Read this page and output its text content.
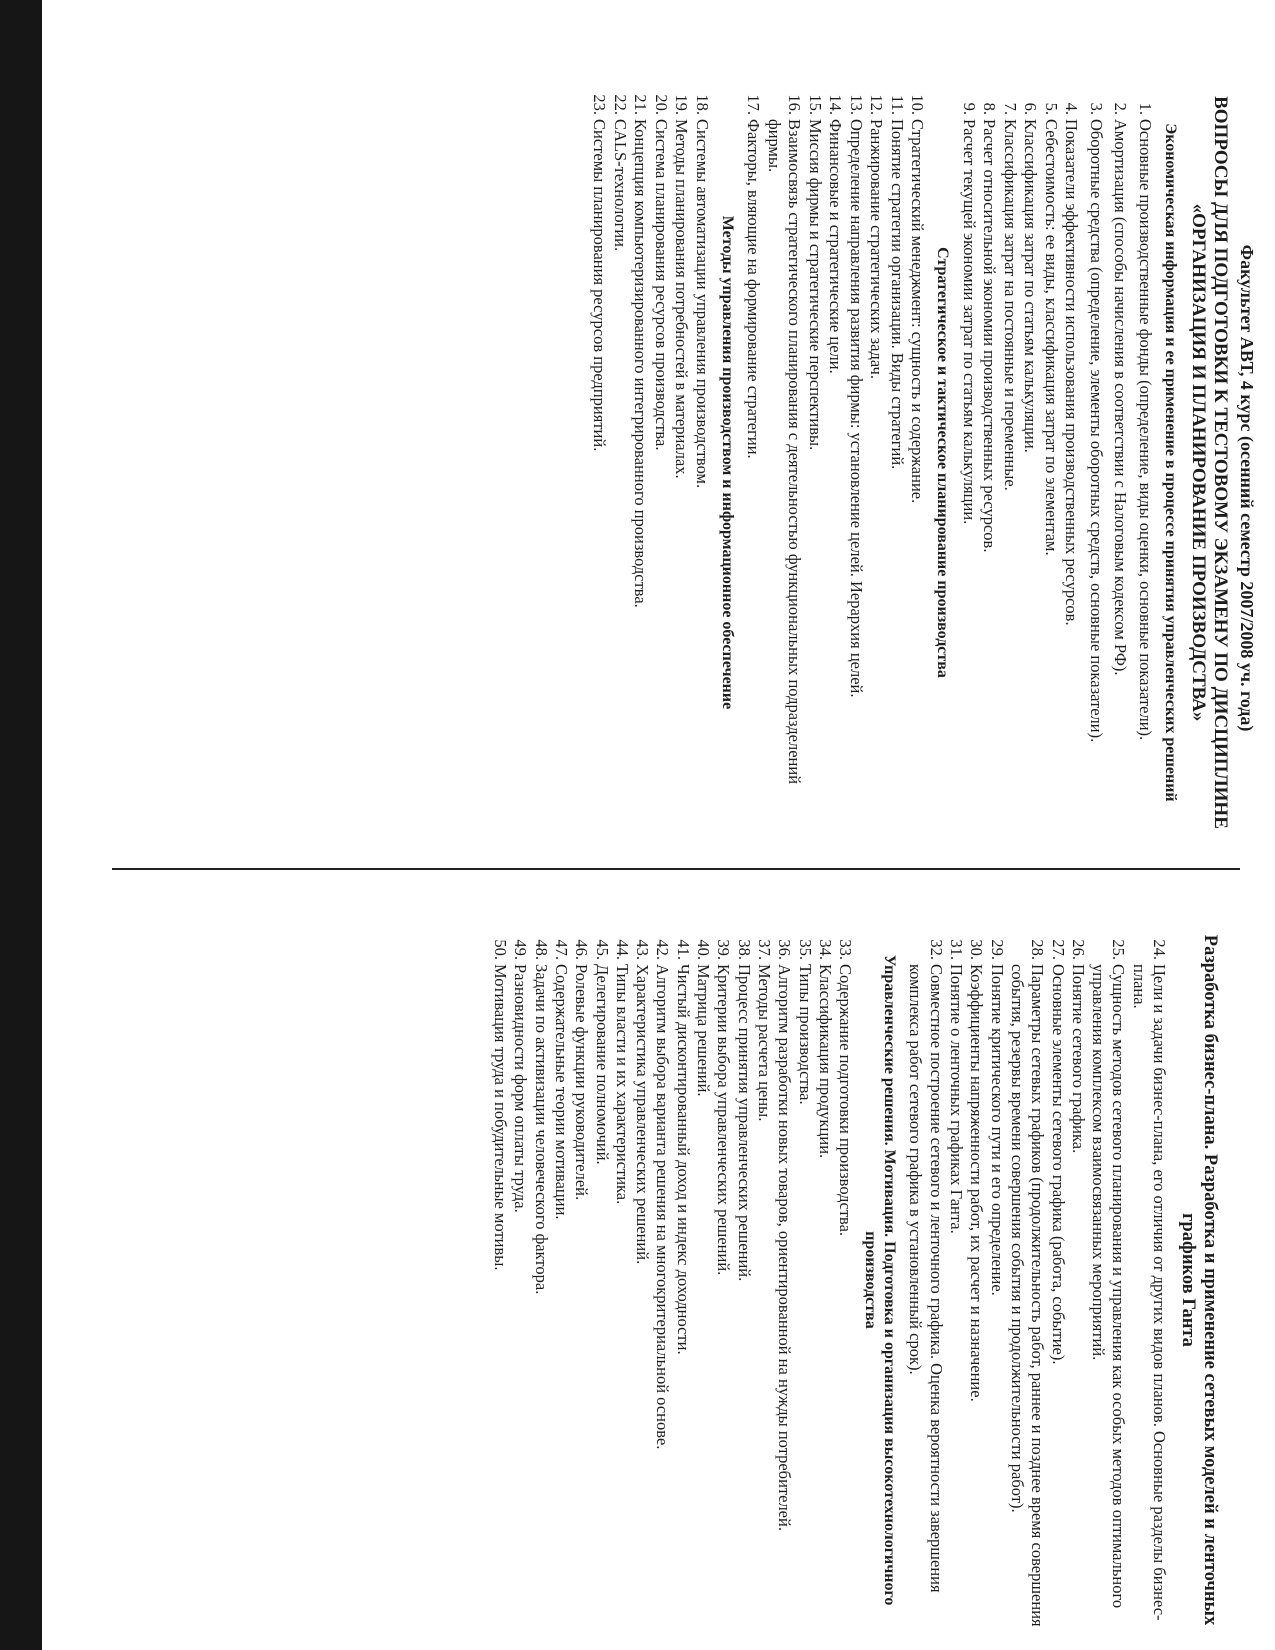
Факультет АВТ, 4 курс (осенний семестр 2007/2008 уч. года)
ВОПРОСЫ ДЛЯ ПОДГОТОВКИ К ТЕСТОВОМУ ЭКЗАМЕНУ ПО ДИСЦИПЛИНЕ «ОРГАНИЗАЦИЯ И ПЛАНИРОВАНИЕ ПРОИЗВОДСТВА»
Экономическая информация и ее применение в процессе принятия управленческих решений
1.
Основные производственные фонды (определение, виды оценки, основные показатели).
2.
Амортизация (способы начисления в соответствии с Налоговым кодексом РФ).
3.
Оборотные средства (определение, элементы оборотных средств, основные показатели).
4.
Показатели эффективности использования производственных ресурсов.
5.
Себестоимость: ее виды, классификация затрат по элементам.
6.
Классификация затрат по статьям калькуляции.
7.
Классификация затрат на постоянные и переменные.
8.
Расчет относительной экономии производственных ресурсов.
9.
Расчет текущей экономии затрат по статьям калькуляции.
Стратегическое и тактическое планирование производства
10.
Стратегический менеджмент: сущность и содержание.
11.
Понятие стратегии организации. Виды стратегий.
12.
Ранжирование стратегических задач.
13.
Определение направления развития фирмы: установление целей. Иерархия целей.
14.
Финансовые и стратегические цели.
15.
Миссия фирмы и стратегические перспективы.
16.
Взаимосвязь стратегического планирования с деятельностью функциональных подразделений фирмы.
17.
Факторы, вляющие на формирование стратегии.
Методы управления производством и информационное обеспечение
18.
Системы автоматизации управления производством.
19.
Методы планирования потребностей в материалах.
20.
Система планирования ресурсов производства.
21.
Концепция компьютеризированного интегрированного производства.
22.
CALS-технологии.
23.
Системы планирования ресурсов предприятий.
Разработка бизнес-плана. Разработка и применение сетевых моделей и ленточных графиков Ганта
24.
Цели и задачи бизнес-плана, его отличия от других видов планов. Основные разделы бизнес-плана.
25.
Сущность методов сетевого планирования и управления как особых методов оптимального управления комплексом взаимосвязанных мероприятий.
26.
Понятие сетевого графика.
27.
Основные элементы сетевого графика (работа, событие).
28.
Параметры сетевых графиков (продолжительность работ, раннее и позднее время совершения события, резервы времени совершения события и продолжительности работ).
29.
Понятие критического пути и его определение.
30.
Коэффициенты напряженности работ, их расчет и назначение.
31.
Понятие о ленточных графиках Ганта.
32.
Совместное построение сетевого и ленточного графика. Оценка вероятности завершения комплекса работ сетевого графика в установленный срок).
Управленческие решения. Мотивация. Подготовка и организация высокотехнологичного производства
33.
Содержание подготовки производства.
34.
Классификация продукции.
35.
Типы производства.
36.
Алгоритм разработки новых товаров, ориентированной на нужды потребителей.
37.
Методы расчета цены.
38.
Процесс принятия управленческих решений.
39.
Критерии выбора управленческих решений.
40.
Матрица решений.
41.
Чистый дисконтированный доход и индекс доходности.
42.
Алгоритм выбора варианта решения на многокритериальной основе.
43.
Характеристика управленческих решений.
44.
Типы власти и их характеристика.
45.
Делегирование полномочий.
46.
Ролевые функции руководителей.
47.
Содержательные теории мотивации.
48.
Задачи по активизации человеческого фактора.
49.
Разновидности форм оплаты труда.
50.
Мотивация труда и побудительные мотивы.
